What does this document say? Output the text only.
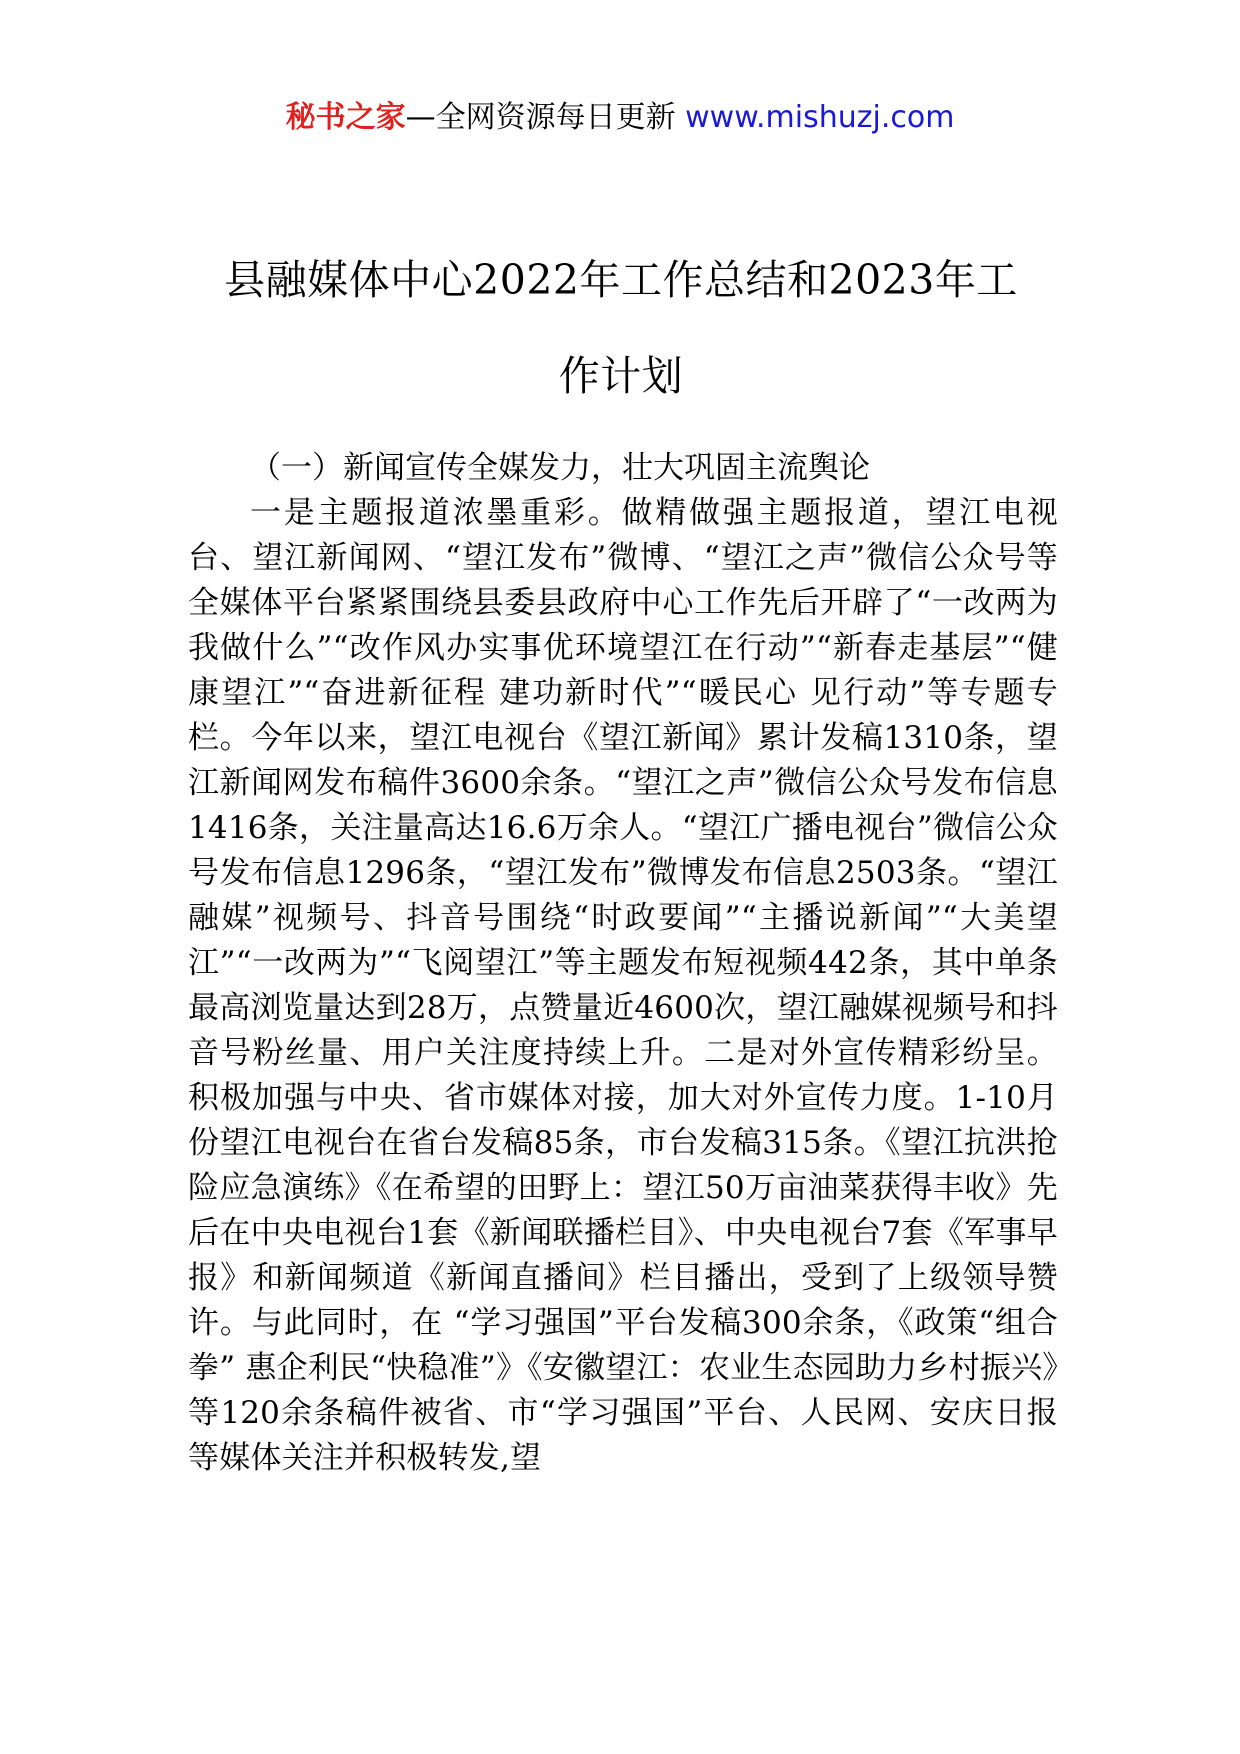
秘书之家—全网资源每日更新 www.mishuzj.com
县融媒体中心2022年工作总结和2023年工
作计划
（一）新闻宣传全媒发力，壮大巩固主流舆论

一是主题报道浓墨重彩。做精做强主题报道，望江电视台、望江新闻网、“望江发布”微博、“望江之声”微信公众号等全媒体平台紧紧围绕县委县政府中心工作先后开辟了“一改两为我做什么”“改作风办实事优环境望江在行动”“新春走基层”“健康望江”“奋进新征程 建功新时代”“暖民心 见行动”等专题专栏。今年以来，望江电视台《望江新闻》累计发稿1310条，望江新闻网发布稿件3600余条。“望江之声”微信公众号发布信息1416条，关注量高达16.6万余人。“望江广播电视台”微信公众号发布信息1296条，“望江发布”微博发布信息2503条。“望江融媒”视频号、抖音号围绕“时政要闻”“主播说新闻”“大美望江”“一改两为”“飞阅望江”等主题发布短视频442条，其中单条最高浏览量达到28万，点赞量近4600次，望江融媒视频号和抖音号粉丝量、用户关注度持续上升。二是对外宣传精彩纷呈。积极加强与中央、省市媒体对接，加大对外宣传力度。1-10月份望江电视台在省台发稿85条，市台发稿315条。《望江抗洪抢险应急演练》《在希望的田野上：望江50万亩油菜获得丰收》先后在中央电视台1套《新闻联播栏目》、中央电视台7套《军事早报》和新闻频道《新闻直播间》栏目播出，受到了上级领导赞许。与此同时，在 “学习强国”平台发稿300余条，《政策“组合拳” 惠企利民“快稳准”》《安徽望江：农业生态园助力乡村振兴》等120余条稿件被省、市“学习强国”平台、人民网、安庆日报等媒体关注并积极转发,望
